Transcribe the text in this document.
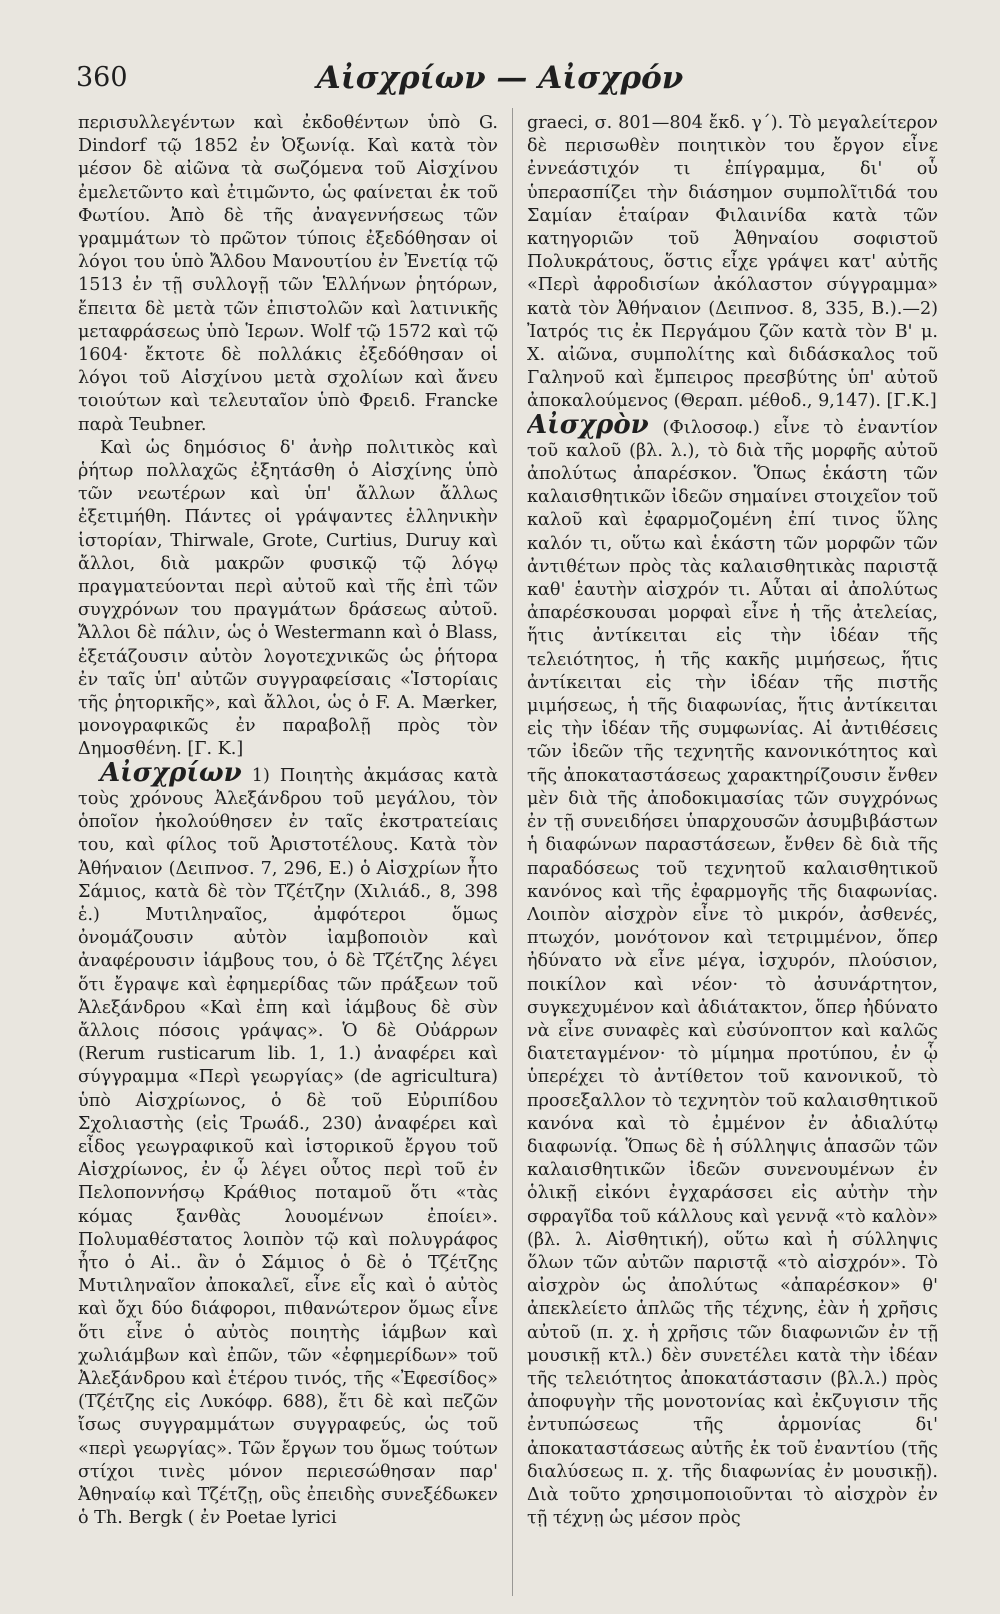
360	Αἰσχρίων — Αἰσχρόν

περισυλλεγέντων καὶ ἐκδοθέντων ὑπὸ G. Dindorf τῷ 1852 ἐν Ὀξωνίᾳ. Καὶ κατὰ τὸν μέσον δὲ αἰῶνα τὰ σωζόμενα τοῦ Αἰσχίνου ἐμελετῶντο καὶ ἐτιμῶντο, ὡς φαίνεται ἐκ τοῦ Φωτίου. Ἀπὸ δὲ τῆς ἀναγεννήσεως τῶν γραμμάτων τὸ πρῶτον τύποις ἐξεδόθησαν οἱ λόγοι του ὑπὸ Ἄλδου Μανουτίου ἐν Ἐνετίᾳ τῷ 1513 ἐν τῇ συλλογῇ τῶν Ἑλλήνων ῥητόρων, ἔπειτα δὲ μετὰ τῶν ἐπιστολῶν καὶ λατινικῆς μεταφράσεως ὑπὸ Ἱερων. Wolf τῷ 1572 καὶ τῷ 1604· ἔκτοτε δὲ πολλάκις ἐξεδόθησαν οἱ λόγοι τοῦ Αἰσχίνου μετὰ σχολίων καὶ ἄνευ τοιούτων καὶ τελευταῖον ὑπὸ Φρειδ. Francke παρὰ Teubner.

Καὶ ὡς δημόσιος δ' ἀνὴρ πολιτικὸς καὶ ῥήτωρ πολλαχῶς ἐξητάσθη ὁ Αἰσχίνης ὑπὸ τῶν νεωτέρων καὶ ὑπ' ἄλλων ἄλλως ἐξετιμήθη. Πάντες οἱ γράψαντες ἑλληνικὴν ἱστορίαν, Thirwale, Grote, Curtius, Duruy καὶ ἄλλοι, διὰ μακρῶν φυσικῷ τῷ λόγῳ πραγματεύονται περὶ αὐτοῦ καὶ τῆς ἐπὶ τῶν συγχρόνων του πραγμάτων δράσεως αὐτοῦ. Ἄλλοι δὲ πάλιν, ὡς ὁ Westermann καὶ ὁ Blass, ἐξετάζουσιν αὐτὸν λογοτεχνικῶς ὡς ῥήτορα ἐν ταῖς ὑπ' αὐτῶν συγγραφείσαις «Ἱστορίαις τῆς ῥητορικῆς», καὶ ἄλλοι, ὡς ὁ F. A. Mærker, μονογραφικῶς ἐν παραβολῇ πρὸς τὸν Δημοσθένη. [Γ. Κ.]

Αἰσχρίων 1) Ποιητὴς ἀκμάσας κατὰ τοὺς χρόνους Ἀλεξάνδρου τοῦ μεγάλου, τὸν ὁποῖον ἠκολούθησεν ἐν ταῖς ἐκστρατείαις του, καὶ φίλος τοῦ Ἀριστοτέλους. Κατὰ τὸν Ἀθήναιον (Δειπνοσ. 7, 296, Ε.) ὁ Αἰσχρίων ἦτο Σάμιος, κατὰ δὲ τὸν Τζέτζην (Χιλιάδ., 8, 398 ἑ.) Μυτιληναῖος, ἀμφότεροι ὅμως ὀνομάζουσιν αὐτὸν ἰαμβοποιὸν καὶ ἀναφέρουσιν ἰάμβους του, ὁ δὲ Τζέτζης λέγει ὅτι ἔγραψε καὶ ἐφημερίδας τῶν πράξεων τοῦ Ἀλεξάνδρου «Καὶ ἐπη καὶ ἰάμβους δὲ σὺν ἄλλοις πόσοις γράψας». Ὁ δὲ Οὐάρρων (Rerum rusticarum lib. 1, 1.) ἀναφέρει καὶ σύγγραμμα «Περὶ γεωργίας» (de agricultura) ὑπὸ Αἰσχρίωνος, ὁ δὲ τοῦ Εὐριπίδου Σχολιαστὴς (εἰς Τρωάδ., 230) ἀναφέρει καὶ εἶδος γεωγραφικοῦ καὶ ἱστορικοῦ ἔργου τοῦ Αἰσχρίωνος, ἐν ᾧ λέγει οὗτος περὶ τοῦ ἐν Πελοποννήσῳ Κράθιος ποταμοῦ ὅτι «τὰς κόμας ξανθὰς λουομένων ἐποίει». Πολυμαθέστατος λοιπὸν τῷ καὶ πολυγράφος ἦτο ὁ Αἰ.. ἂν ὁ Σάμιος ὁ δὲ ὁ Τζέτζης Μυτιληναῖον ἀποκαλεῖ, εἶνε εἷς καὶ ὁ αὐτὸς καὶ ὄχι δύο διάφοροι, πιθανώτερον ὅμως εἶνε ὅτι εἶνε ὁ αὐτὸς ποιητὴς ἰάμβων καὶ χωλιάμβων καὶ ἐπῶν, τῶν «ἐφημερίδων» τοῦ Ἀλεξάνδρου καὶ ἑτέρου τινός, τῆς «Ἐφεσίδος» (Τζέτζης εἰς Λυκόφρ. 688), ἔτι δὲ καὶ πεζῶν ἴσως συγγραμμάτων συγγραφεύς, ὡς τοῦ «περὶ γεωργίας». Τῶν ἔργων του ὅμως τούτων στίχοι τινὲς μόνον περιεσώθησαν παρ' Ἀθηναίῳ καὶ Τζέτζῃ, οὓς ἐπειδὴς συνεξέδωκεν ὁ Th. Bergk ( ἐν Poetae lyrici

graeci, σ. 801—804 ἔκδ. γ΄). Τὸ μεγαλείτερον δὲ περισωθὲν ποιητικὸν του ἔργον εἶνε ἐννεάστιχόν τι ἐπίγραμμα, δι' οὗ ὑπερασπίζει τὴν διάσημον συμπολῖτιδά του Σαμίαν ἑταίραν Φιλαινίδα κατὰ τῶν κατηγοριῶν τοῦ Ἀθηναίου σοφιστοῦ Πολυκράτους, ὅστις εἶχε γράψει κατ' αὐτῆς «Περὶ ἀφροδισίων ἀκόλαστον σύγγραμμα» κατὰ τὸν Ἀθήναιον (Δειπνοσ. 8, 335, Β.).—2) Ἰατρός τις ἐκ Περγάμου ζῶν κατὰ τὸν Β' μ. Χ. αἰῶνα, συμπολίτης καὶ διδάσκαλος τοῦ Γαληνοῦ καὶ ἔμπειρος πρεσβύτης ὑπ' αὐτοῦ ἀποκαλούμενος (Θεραπ. μέθοδ., 9,147). [Γ.Κ.]

Αἰσχρὸν (Φιλοσοφ.) εἶνε τὸ ἐναντίον τοῦ καλοῦ (βλ. λ.), τὸ διὰ τῆς μορφῆς αὐτοῦ ἀπολύτως ἀπαρέσκον. Ὅπως ἑκάστη τῶν καλαισθητικῶν ἰδεῶν σημαίνει στοιχεῖον τοῦ καλοῦ καὶ ἐφαρμοζομένη ἐπί τινος ὕλης καλόν τι, οὕτω καὶ ἑκάστη τῶν μορφῶν τῶν ἀντιθέτων πρὸς τὰς καλαισθητικὰς παριστᾷ καθ' ἑαυτὴν αἰσχρόν τι. Αὗται αἱ ἀπολύτως ἀπαρέσκουσαι μορφαὶ εἶνε ἡ τῆς ἀτελείας, ἥτις ἀντίκειται εἰς τὴν ἰδέαν τῆς τελειότητος, ἡ τῆς κακῆς μιμήσεως, ἥτις ἀντίκειται εἰς τὴν ἰδέαν τῆς πιστῆς μιμήσεως, ἡ τῆς διαφωνίας, ἥτις ἀντίκειται εἰς τὴν ἰδέαν τῆς συμφωνίας. Αἱ ἀντιθέσεις τῶν ἰδεῶν τῆς τεχνητῆς κανονικότητος καὶ τῆς ἀποκαταστάσεως χαρακτηρίζουσιν ἔνθεν μὲν διὰ τῆς ἀποδοκιμασίας τῶν συγχρόνως ἐν τῇ συνειδήσει ὑπαρχουσῶν ἀσυμβιβάστων ἡ διαφώνων παραστάσεων, ἔνθεν δὲ διὰ τῆς παραδόσεως τοῦ τεχνητοῦ καλαισθητικοῦ κανόνος καὶ τῆς ἐφαρμογῆς τῆς διαφωνίας. Λοιπὸν αἰσχρὸν εἶνε τὸ μικρόν, ἀσθενές, πτωχόν, μονότονον καὶ τετριμμένον, ὅπερ ἠδύνατο νὰ εἶνε μέγα, ἰσχυρόν, πλούσιον, ποικίλον καὶ νέον· τὸ ἀσυνάρτητον, συγκεχυμένον καὶ ἀδιάτακτον, ὅπερ ἠδύνατο νὰ εἶνε συναφὲς καὶ εὐσύνοπτον καὶ καλῶς διατεταγμένον· τὸ μίμημα προτύπου, ἐν ᾧ ὑπερέχει τὸ ἀντίθετον τοῦ κανονικοῦ, τὸ προσεξαλλον τὸ τεχνητὸν τοῦ καλαισθητικοῦ κανόνα καὶ τὸ ἐμμένον ἐν ἀδιαλύτῳ διαφωνίᾳ. Ὅπως δὲ ἡ σύλληψις ἁπασῶν τῶν καλαισθητικῶν ἰδεῶν συνενουμένων ἐν ὁλικῇ εἰκόνι ἐγχαράσσει εἰς αὐτὴν τὴν σφραγῖδα τοῦ κάλλους καὶ γεννᾷ «τὸ καλὸν» (βλ. λ. Αἰσθητική), οὕτω καὶ ἡ σύλληψις ὅλων τῶν αὐτῶν παριστᾷ «τὸ αἰσχρόν». Τὸ αἰσχρὸν ὡς ἀπολύτως «ἀπαρέσκον» θ' ἀπεκλείετο ἁπλῶς τῆς τέχνης, ἐὰν ἡ χρῆσις αὐτοῦ (π. χ. ἡ χρῆσις τῶν διαφωνιῶν ἐν τῇ μουσικῇ κτλ.) δὲν συνετέλει κατὰ τὴν ἰδέαν τῆς τελειότητος ἀποκατάστασιν (βλ.λ.) πρὸς ἀποφυγὴν τῆς μονοτονίας καὶ ἐκζυγισιν τῆς ἐντυπώσεως τῆς ἁρμονίας δι' ἀποκαταστάσεως αὐτῆς ἐκ τοῦ ἐναντίου (τῆς διαλύσεως π. χ. τῆς διαφωνίας ἐν μουσικῇ). Διὰ τοῦτο χρησιμοποιοῦνται τὸ αἰσχρὸν ἐν τῇ τέχνῃ ὡς μέσον πρὸς
